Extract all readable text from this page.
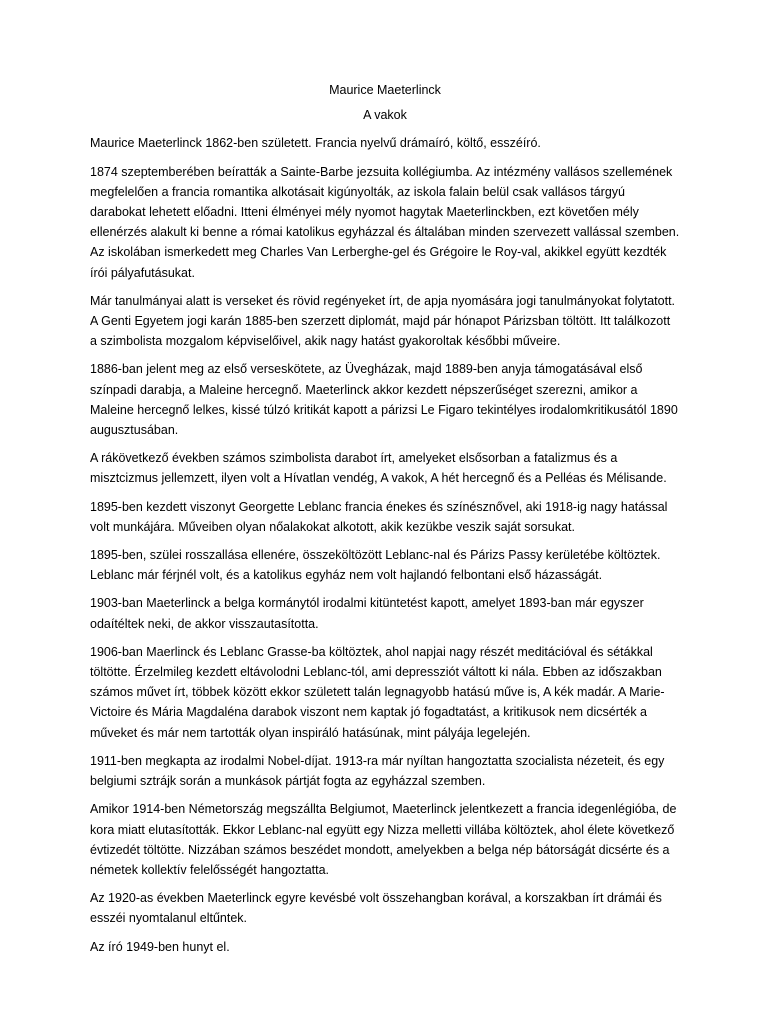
Maurice Maeterlinck

A vakok

Maurice Maeterlinck 1862-ben született. Francia nyelvű drámaíró, költő, esszéíró.

1874 szeptemberében beíratták a Sainte-Barbe jezsuita kollégiumba. Az intézmény vallásos szellemének megfelelően a francia romantika alkotásait kigúnyolták, az iskola falain belül csak vallásos tárgyú darabokat lehetett előadni. Itteni élményei mély nyomot hagytak Maeterlinckben, ezt követően mély ellenérzés alakult ki benne a római katolikus egyházzal és általában minden szervezett vallással szemben. Az iskolában ismerkedett meg Charles Van Lerberghe-gel és Grégoire le Roy-val, akikkel együtt kezdték írói pályafutásukat.

Már tanulmányai alatt is verseket és rövid regényeket írt, de apja nyomására jogi tanulmányokat folytatott. A Genti Egyetem jogi karán 1885-ben szerzett diplomát, majd pár hónapot Párizsban töltött. Itt találkozott a szimbolista mozgalom képviselőivel, akik nagy hatást gyakoroltak későbbi műveire.

1886-ban jelent meg az első verseskötete, az Üvegházak, majd 1889-ben anyja támogatásával első színpadi darabja, a Maleine hercegnő. Maeterlinck akkor kezdett népszerűséget szerezni, amikor a Maleine hercegnő lelkes, kissé túlzó kritikát kapott a párizsi Le Figaro tekintélyes irodalomkritikusától 1890 augusztusában.

A rákövetkező években számos szimbolista darabot írt, amelyeket elsősorban a fatalizmus és a misztcizmus jellemzett, ilyen volt a Hívatlan vendég, A vakok, A hét hercegnő és a Pelléas és Mélisande.

1895-ben kezdett viszonyt Georgette Leblanc francia énekes és színésznővel, aki 1918-ig nagy hatással volt munkájára. Műveiben olyan nőalakokat alkotott, akik kezükbe veszik saját sorsukat.

1895-ben, szülei rosszallása ellenére, összeköltözött Leblanc-nal és Párizs Passy kerületébe költöztek. Leblanc már férjnél volt, és a katolikus egyház nem volt hajlandó felbontani első házasságát.

1903-ban Maeterlinck a belga kormánytól irodalmi kitüntetést kapott, amelyet 1893-ban már egyszer odaítéltek neki, de akkor visszautasította.

1906-ban Maerlinck és Leblanc Grasse-ba költöztek, ahol napjai nagy részét meditációval és sétákkal töltötte. Érzelmileg kezdett eltávolodni Leblanc-tól, ami depressziót váltott ki nála. Ebben az időszakban számos művet írt, többek között ekkor született talán legnagyobb hatású műve is, A kék madár. A Marie-Victoire és Mária Magdaléna darabok viszont nem kaptak jó fogadtatást, a kritikusok nem dicsérték a műveket és már nem tartották olyan inspiráló hatásúnak, mint pályája legelején.

1911-ben megkapta az irodalmi Nobel-díjat. 1913-ra már nyíltan hangoztatta szocialista nézeteit, és egy belgiumi sztrájk során a munkások pártját fogta az egyházzal szemben.

Amikor 1914-ben Németország megszállta Belgiumot, Maeterlinck jelentkezett a francia idegenlégióba, de kora miatt elutasították. Ekkor Leblanc-nal együtt egy Nizza melletti villába költöztek, ahol élete következő évtizedét töltötte. Nizzában számos beszédet mondott, amelyekben a belga nép bátorságát dicsérte és a németek kollektív felelősségét hangoztatta.

Az 1920-as években Maeterlinck egyre kevésbé volt összehangban korával, a korszakban írt drámái és esszéi nyomtalanul eltűntek.

Az író 1949-ben hunyt el.
